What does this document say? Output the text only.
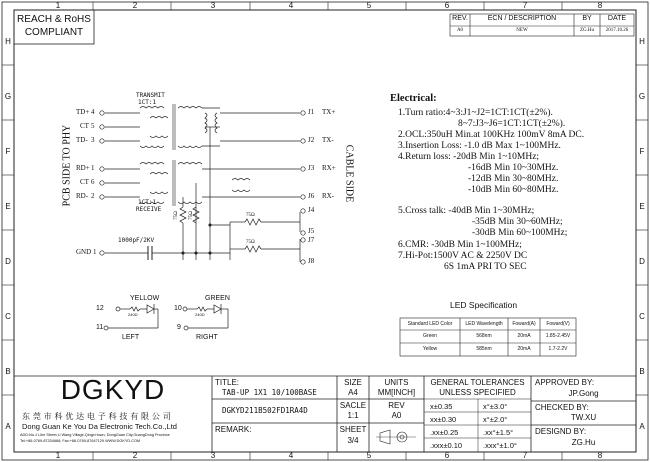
1	2	3	4	5	6	7	8
1	2	3	4	5	6	7	8
H
G
F
E
D
C
B
A
H
G
F
E
D
C
B
A
REACH & RoHS
COMPLIANT
REV.	ECN / DESCRIPTION	BY	DATE
A0	NEW	ZG.Hu	2017.10.26
TRANSMIT
1CT:1
1CT:1
RECEIVE
PCB SIDE TO PHY	CABLE SIDE
TD+ 4
CT 5
TD- 3
RD+ 1
CT 6
RD- 2
GND 1
J1 TX+
J2 TX-
J3 RX+
J6 RX-
J4
J5
J7
J8
75Ω 75Ω	75Ω
75Ω
1000pF/2KV
YELLOW
12
11
240Ω
LEFT
GREEN
10
9
240Ω
RIGHT
Electrical:
1.Turn ratio:4~3:J1~J2=1CT:1CT(±2%).
8~7:J3~J6=1CT:1CT(±2%).
2.OCL:350uH Min.at 100KHz 100mV 8mA DC.
3.Insertion Loss: -1.0 dB Max 1~100MHz.
4.Return loss: -20dB Min 1~10MHz;
-16dB Min 10~30MHz.
-12dB Min 30~80MHz.
-10dB Min 60~80MHz.
5.Cross talk: -40dB Min 1~30MHz;
-35dB Min 30~60MHz;
-30dB Min 60~100MHz;
6.CMR: -30dB Min 1~100MHz;
7.Hi-Pot:1500V AC & 2250V DC
6S 1mA PRI TO SEC
LED Specification
Standard LED Color	LED Wavelength	Foward(A)	Foward(V)
Green	568nm	20mA	1.85-2.45V
Yellow	585nm	20mA	1.7-2.2V
DGKYD
东 莞 市 科 优 达 电 子 科 技 有 限 公 司
Dong Guan Ke You Da Electronic Tech.Co.,Ltd
ADD:No.1 Lihe Street,Li Wang Village,Qingxi town, DongGuan City,GuangDong Province
Tel:+86-0769-87334668; Fax:+86-0769-87647129 WWW.DGKYD.COM
TITLE:
TAB-UP 1X1 10/100BASE
DGKYD211B502FD1RA4D
REMARK:
SIZE
A4
SACLE
1:1
SHEET
3/4
UNITS
MM[INCH]
REV
A0
GENERAL TOLERANCES
UNLESS SPECIFIED
x±0.35	x°±3.0°
xx±0.30	x°±2.0°
.xx±0.25	.xx°±1.5°
.xxx±0.10	.xxx°±1.0°
APPROVED BY:
JP.Gong
CHECKED BY:
TW.XU
DESIGND BY:
ZG.Hu
